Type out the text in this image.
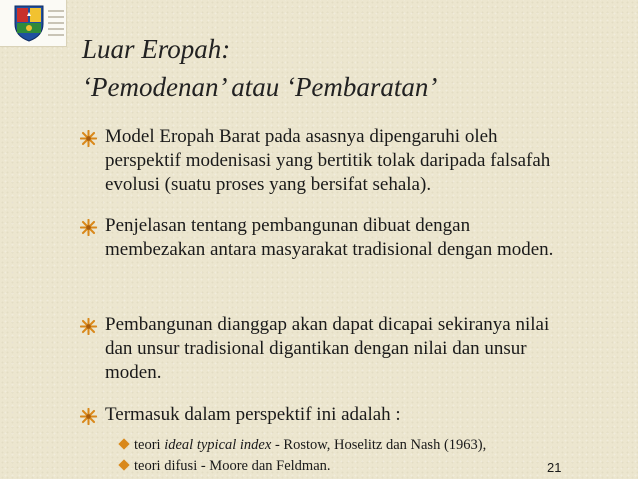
Luar Eropah:
‘Pemodenan’ atau ‘Pembaratan’
Model Eropah Barat pada asasnya dipengaruhi oleh perspektif modenisasi yang bertitik tolak daripada falsafah evolusi (suatu proses yang bersifat sehala).
Penjelasan tentang pembangunan dibuat dengan membezakan antara masyarakat tradisional dengan moden.
Pembangunan dianggap akan dapat dicapai sekiranya nilai dan unsur tradisional digantikan dengan nilai dan unsur moden.
Termasuk dalam perspektif ini adalah :
teori ideal typical index - Rostow, Hoselitz dan Nash (1963),
teori difusi - Moore dan Feldman.	21
